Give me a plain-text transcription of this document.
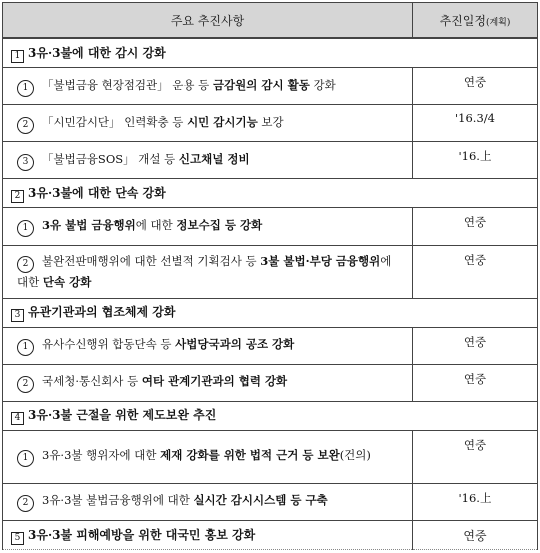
주요 추진사항	추진일정(계획)
1 3유·3불에 대한 감시 강화	
1 「불법금융 현장점검관」 운용 등 금감원의 감시 활동 강화	연중
2 「시민감시단」 인력확충 등 시민 감시기능 보강	'16.3/4
3 「불법금융SOS」 개설 등 신고채널 정비	'16.上
2 3유·3불에 대한 단속 강화	
1 3유 불법 금융행위에 대한 정보수집 등 강화	연중
2 불완전판매행위에 대한 선별적 기획검사 등 3불 불법·부당 금융행위에 대한 단속 강화	연중
3 유관기관과의 협조체제 강화	
1 유사수신행위 합동단속 등 사법당국과의 공조 강화	연중
2 국세청·통신회사 등 여타 관계기관과의 협력 강화	연중
4 3유·3불 근절을 위한 제도보완 추진	
1 3유·3불 행위자에 대한 제재 강화를 위한 법적 근거 등 보완(건의)	연중
2 3유·3불 불법금융행위에 대한 실시간 감시시스템 등 구축	'16.上
5 3유·3불 피해예방을 위한 대국민 홍보 강화	연중
